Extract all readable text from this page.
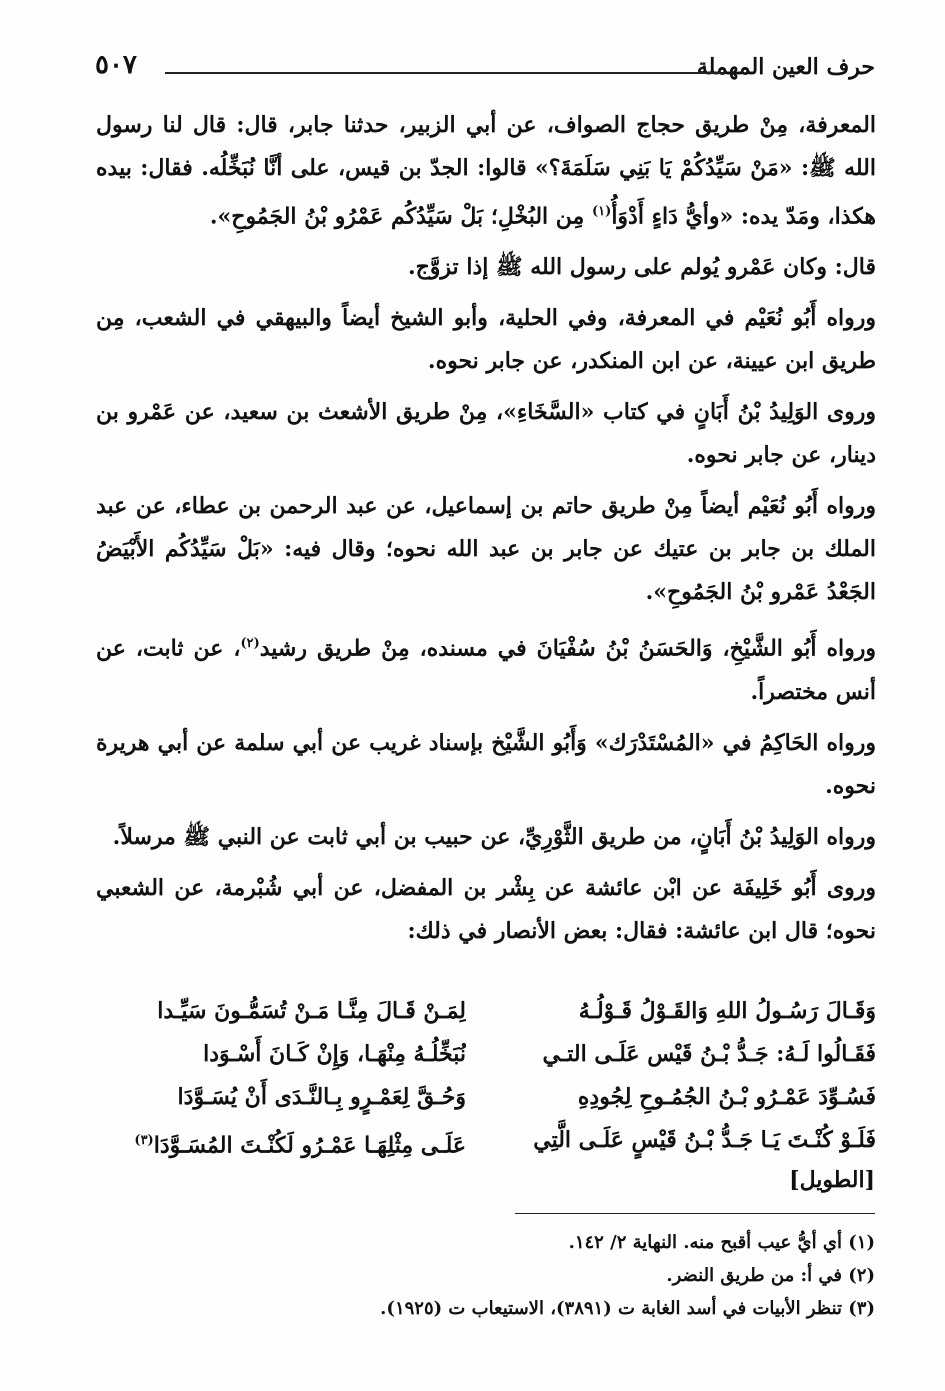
حرف العين المهملة
٥٠٧

المعرفة، مِنْ طريق حجاج الصواف، عن أبي الزبير، حدثنا جابر، قال: قال لنا رسول الله ﷺ: «مَنْ سَيِّدُكُمْ يَا بَنِي سَلَمَةَ؟» قالوا: الجدّ بن قيس، على أنَّا نُبَخِّلُه. فقال: بيده هكذا، ومَدّ يده: «وأيُّ دَاءٍ أَدْوَأُ$^{(١)}$ مِن البُخْلِ؛ بَلْ سَيِّدُكُم عَمْرُو بْنُ الجَمُوحِ».

قال: وكان عَمْرو يُولم على رسول الله ﷺ إذا تزوَّج.

ورواه أَبُو نُعَيْم في المعرفة، وفي الحلية، وأبو الشيخ أيضاً والبيهقي في الشعب، مِن طريق ابن عيينة، عن ابن المنكدر، عن جابر نحوه.

وروى الوَلِيدُ بْنُ أَبَانٍ في كتاب «السَّخَاءِ»، مِنْ طريق الأشعث بن سعيد، عن عَمْرو بن دينار، عن جابر نحوه.

ورواه أَبُو نُعَيْم أيضاً مِنْ طريق حاتم بن إسماعيل، عن عبد الرحمن بن عطاء، عن عبد الملك بن جابر بن عتيك عن جابر بن عبد الله نحوه؛ وقال فيه: «بَلْ سَيِّدُكُم الأَبْيَضُ الجَعْدُ عَمْرو بْنُ الجَمُوحِ».

ورواه أَبُو الشَّيْخِ، وَالحَسَنُ بْنُ سُفْيَانَ في مسنده، مِنْ طريق رشيد$^{(٢)}$، عن ثابت، عن أنس مختصراً.

ورواه الحَاكِمُ في «المُسْتَدْرَك» وَأَبُو الشَّيْخ بإسناد غريب عن أبي سلمة عن أبي هريرة نحوه.

ورواه الوَلِيدُ بْنُ أَبَانٍ، من طريق الثَّوْرِيِّ، عن حبيب بن أبي ثابت عن النبي ﷺ مرسلاً.

وروى أَبُو خَلِيفَة عن ابْن عائشة عن بِشْر بن المفضل، عن أبي شُبْرمة، عن الشعبي نحوه؛ قال ابن عائشة: فقال: بعض الأنصار في ذلك:

وَقَـالَ رَسُـولُ اللهِ وَالقَـوْلُ قَـوْلُـهُ
لِمَـنْ قَـالَ مِنَّـا مَـنْ تُسَمُّـونَ سَيِّـدا
فَقَـالُوا لَـهُ: جَـدُّ بْـنُ قَيْس عَلَـى التـي
نُبَخِّلُـهُ مِنْهَـا، وَإِنْ كَـانَ أَسْـوَدا
فَسُـوِّدَ عَمْـرُو بْـنُ الجُمُـوحِ لِجُودِهِ
وَحُـقَّ لِعَمْـرٍو بِـالنَّـدَى أَنْ يُسَـوَّدَا
فَلَـوْ كُنْـتَ يَـا جَـدُّ بْـنُ قَيْسٍ عَلَـى الَّتِي
عَلَـى مِثْلِهَـا عَمْـرُو لَكُنْـتَ المُسَـوَّدَا$^{(٣)}$
[الطويل]
(١) أي أيُّ عيب أقبح منه. النهاية ٢/ ١٤٢.
(٢) في أ: من طريق النضر.
(٣) تنظر الأبيات في أسد الغابة ت (٣٨٩١)، الاستيعاب ت (١٩٢٥).
